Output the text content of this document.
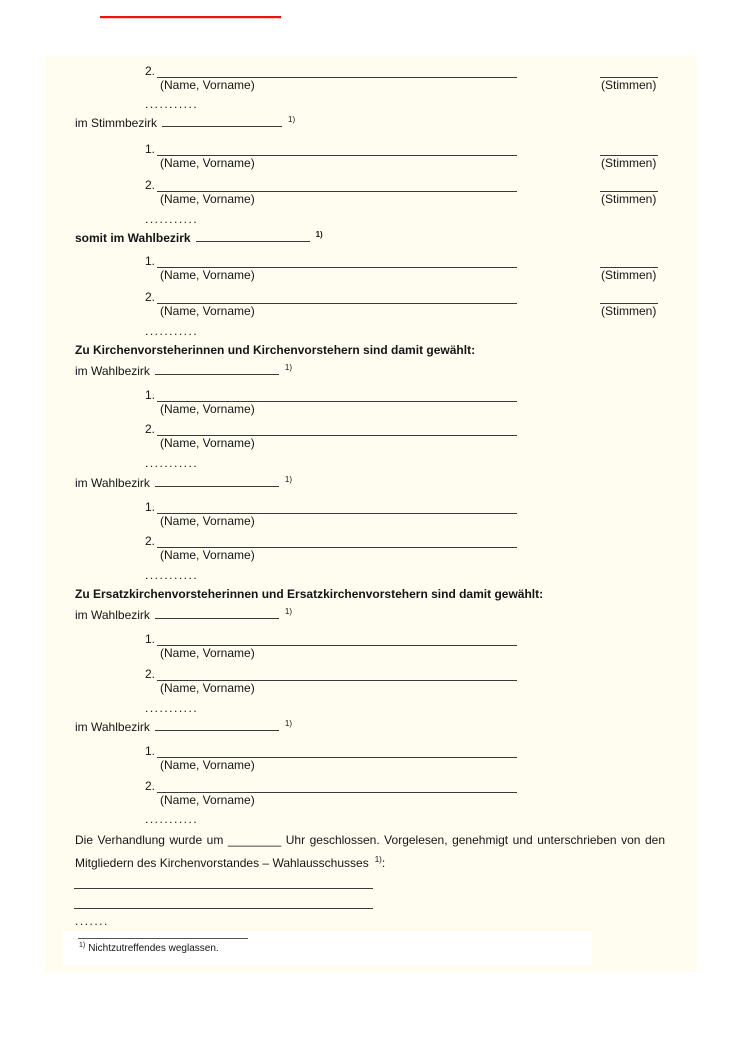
2.
(Name, Vorname)	(Stimmen)
...........
im Stimmbezirk	1)
1.
(Name, Vorname)	(Stimmen)
2.
(Name, Vorname)	(Stimmen)
...........
somit im Wahlbezirk	1)
1.
(Name, Vorname)	(Stimmen)
2.
(Name, Vorname)	(Stimmen)
...........
Zu Kirchenvorsteherinnen und Kirchenvorstehern sind damit gewählt:
im Wahlbezirk	1)
1.
(Name, Vorname)
2.
(Name, Vorname)
...........
im Wahlbezirk	1)
1.
(Name, Vorname)
2.
(Name, Vorname)
...........
Zu Ersatzkirchenvorsteherinnen und Ersatzkirchenvorstehern sind damit gewählt:
im Wahlbezirk	1)
1.
(Name, Vorname)
2.
(Name, Vorname)
...........
im Wahlbezirk	1)
1.
(Name, Vorname)
2.
(Name, Vorname)
...........
Die Verhandlung wurde um ________ Uhr geschlossen. Vorgelesen, genehmigt und unterschrieben von den
Mitgliedern des Kirchenvorstandes – Wahlausschusses 1):
.......
1) Nichtzutreffendes weglassen.
